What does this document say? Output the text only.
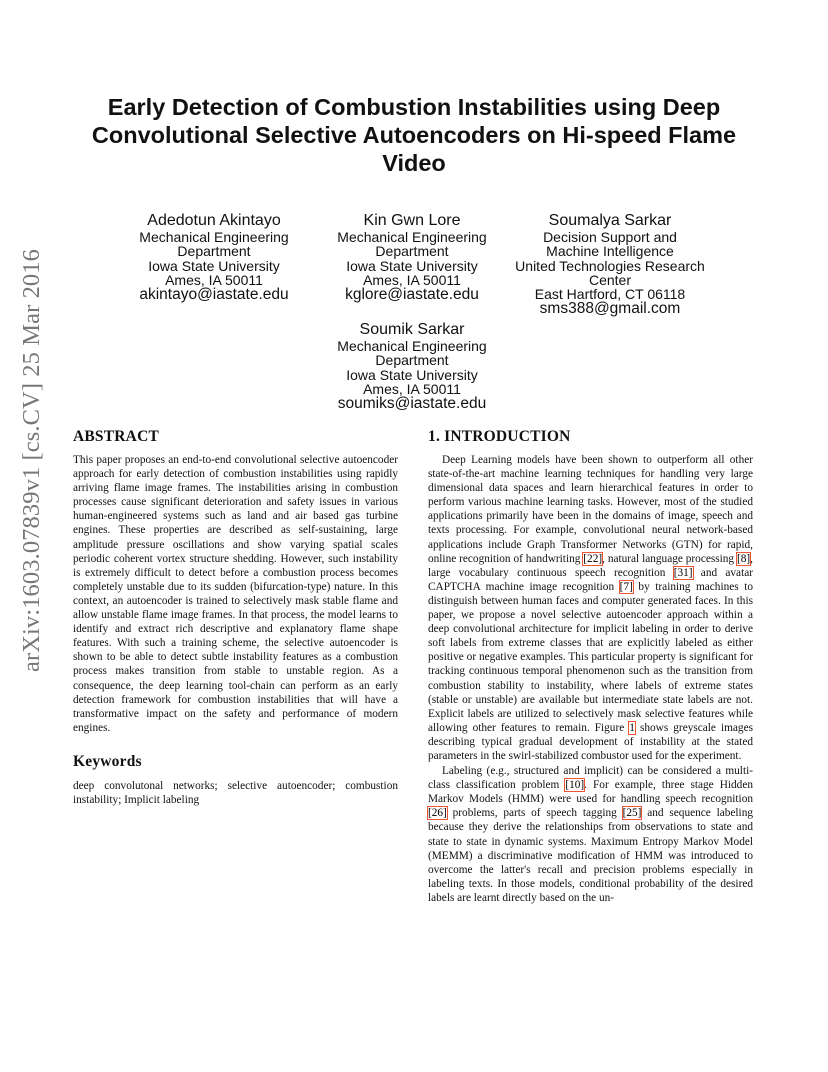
arXiv:1603.07839v1 [cs.CV] 25 Mar 2016
Early Detection of Combustion Instabilities using Deep Convolutional Selective Autoencoders on Hi-speed Flame Video
Adedotun Akintayo
Mechanical Engineering
Department
Iowa State University
Ames, IA 50011
akintayo@iastate.edu
Kin Gwn Lore
Mechanical Engineering
Department
Iowa State University
Ames, IA 50011
kglore@iastate.edu
Soumalya Sarkar
Decision Support and
Machine Intelligence
United Technologies Research
Center
East Hartford, CT 06118
sms388@gmail.com
Soumik Sarkar
Mechanical Engineering
Department
Iowa State University
Ames, IA 50011
soumiks@iastate.edu
ABSTRACT

This paper proposes an end-to-end convolutional selective autoencoder approach for early detection of combustion instabilities using rapidly arriving flame image frames. The instabilities arising in combustion processes cause significant deterioration and safety issues in various human-engineered systems such as land and air based gas turbine engines. These properties are described as self-sustaining, large amplitude pressure oscillations and show varying spatial scales periodic coherent vortex structure shedding. However, such instability is extremely difficult to detect before a combustion process becomes completely unstable due to its sudden (bifurcation-type) nature. In this context, an autoencoder is trained to selectively mask stable flame and allow unstable flame image frames. In that process, the model learns to identify and extract rich descriptive and explanatory flame shape features. With such a training scheme, the selective autoencoder is shown to be able to detect subtle instability features as a combustion process makes transition from stable to unstable region. As a consequence, the deep learning tool-chain can perform as an early detection framework for combustion instabilities that will have a transformative impact on the safety and performance of modern engines.

Keywords

deep convolutonal networks; selective autoencoder; combustion instability; Implicit labeling

1. INTRODUCTION

Deep Learning models have been shown to outperform all other state-of-the-art machine learning techniques for handling very large dimensional data spaces and learn hierarchical features in order to perform various machine learning tasks. However, most of the studied applications primarily have been in the domains of image, speech and texts processing. For example, convolutional neural network-based applications include Graph Transformer Networks (GTN) for rapid, online recognition of handwriting [22], natural language processing [8], large vocabulary continuous speech recognition [31] and avatar CAPTCHA machine image recognition [7] by training machines to distinguish between human faces and computer generated faces. In this paper, we propose a novel selective autoencoder approach within a deep convolutional architecture for implicit labeling in order to derive soft labels from extreme classes that are explicitly labeled as either positive or negative examples. This particular property is significant for tracking continuous temporal phenomenon such as the transition from combustion stability to instability, where labels of extreme states (stable or unstable) are available but intermediate state labels are not. Explicit labels are utilized to selectively mask selective features while allowing other features to remain. Figure 1 shows greyscale images describing typical gradual development of instability at the stated parameters in the swirl-stabilized combustor used for the experiment.

Labeling (e.g., structured and implicit) can be considered a multi-class classification problem [10]. For example, three stage Hidden Markov Models (HMM) were used for handling speech recognition [26] problems, parts of speech tagging [25] and sequence labeling because they derive the relationships from observations to state and state to state in dynamic systems. Maximum Entropy Markov Model (MEMM) a discriminative modification of HMM was introduced to overcome the latter's recall and precision problems especially in labeling texts. In those models, conditional probability of the desired labels are learnt directly based on the un-
